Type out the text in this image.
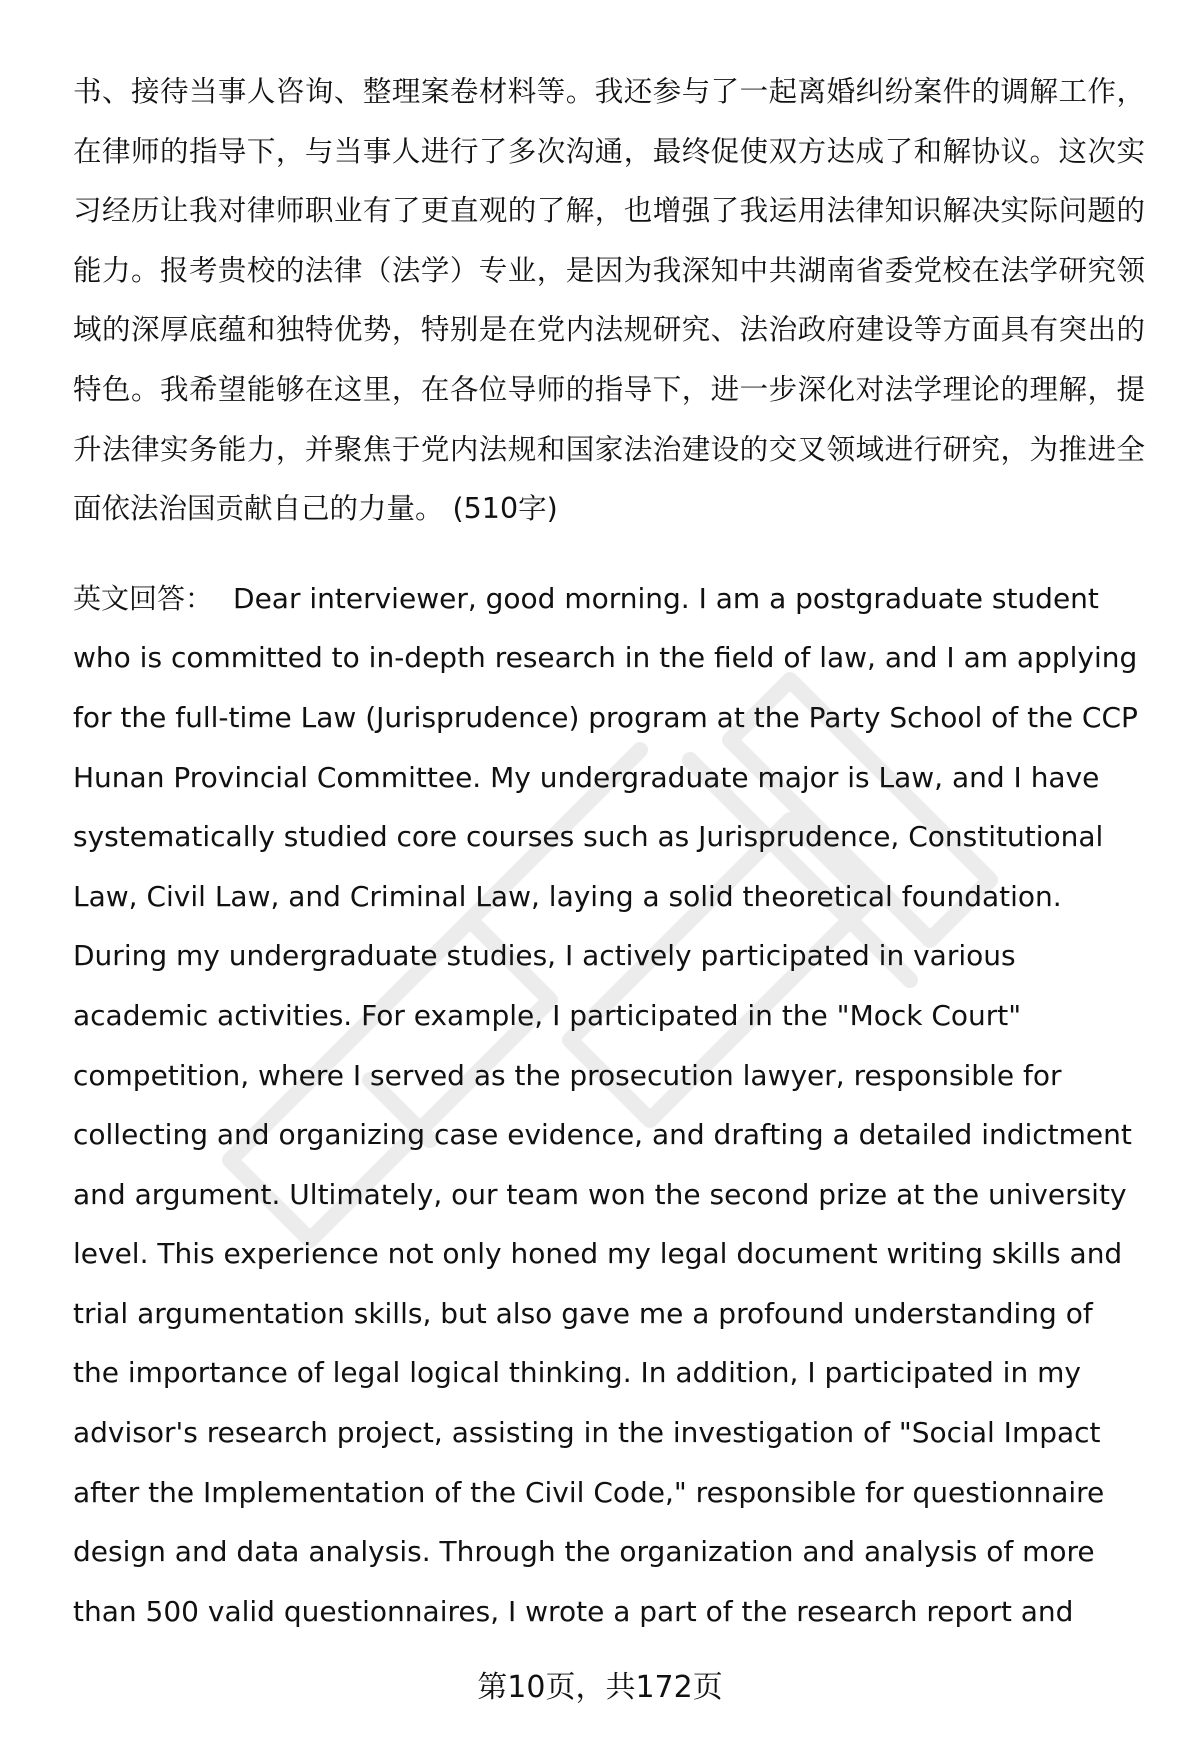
书、接待当事人咨询、整理案卷材料等。我还参与了一起离婚纠纷案件的调解工作，在律师的指导下，与当事人进行了多次沟通，最终促使双方达成了和解协议。这次实习经历让我对律师职业有了更直观的了解，也增强了我运用法律知识解决实际问题的能力。报考贵校的法律（法学）专业，是因为我深知中共湖南省委党校在法学研究领域的深厚底蕴和独特优势，特别是在党内法规研究、法治政府建设等方面具有突出的特色。我希望能够在这里，在各位导师的指导下，进一步深化对法学理论的理解，提升法律实务能力，并聚焦于党内法规和国家法治建设的交叉领域进行研究，为推进全面依法治国贡献自己的力量。 (510字)

英文回答： Dear interviewer, good morning. I am a postgraduate student who is committed to in-depth research in the field of law, and I am applying for the full-time Law (Jurisprudence) program at the Party School of the CCP Hunan Provincial Committee. My undergraduate major is Law, and I have systematically studied core courses such as Jurisprudence, Constitutional Law, Civil Law, and Criminal Law, laying a solid theoretical foundation. During my undergraduate studies, I actively participated in various academic activities. For example, I participated in the "Mock Court" competition, where I served as the prosecution lawyer, responsible for collecting and organizing case evidence, and drafting a detailed indictment and argument. Ultimately, our team won the second prize at the university level. This experience not only honed my legal document writing skills and trial argumentation skills, but also gave me a profound understanding of the importance of legal logical thinking. In addition, I participated in my advisor's research project, assisting in the investigation of "Social Impact after the Implementation of the Civil Code," responsible for questionnaire design and data analysis. Through the organization and analysis of more than 500 valid questionnaires, I wrote a part of the research report and

第10页，共172页
